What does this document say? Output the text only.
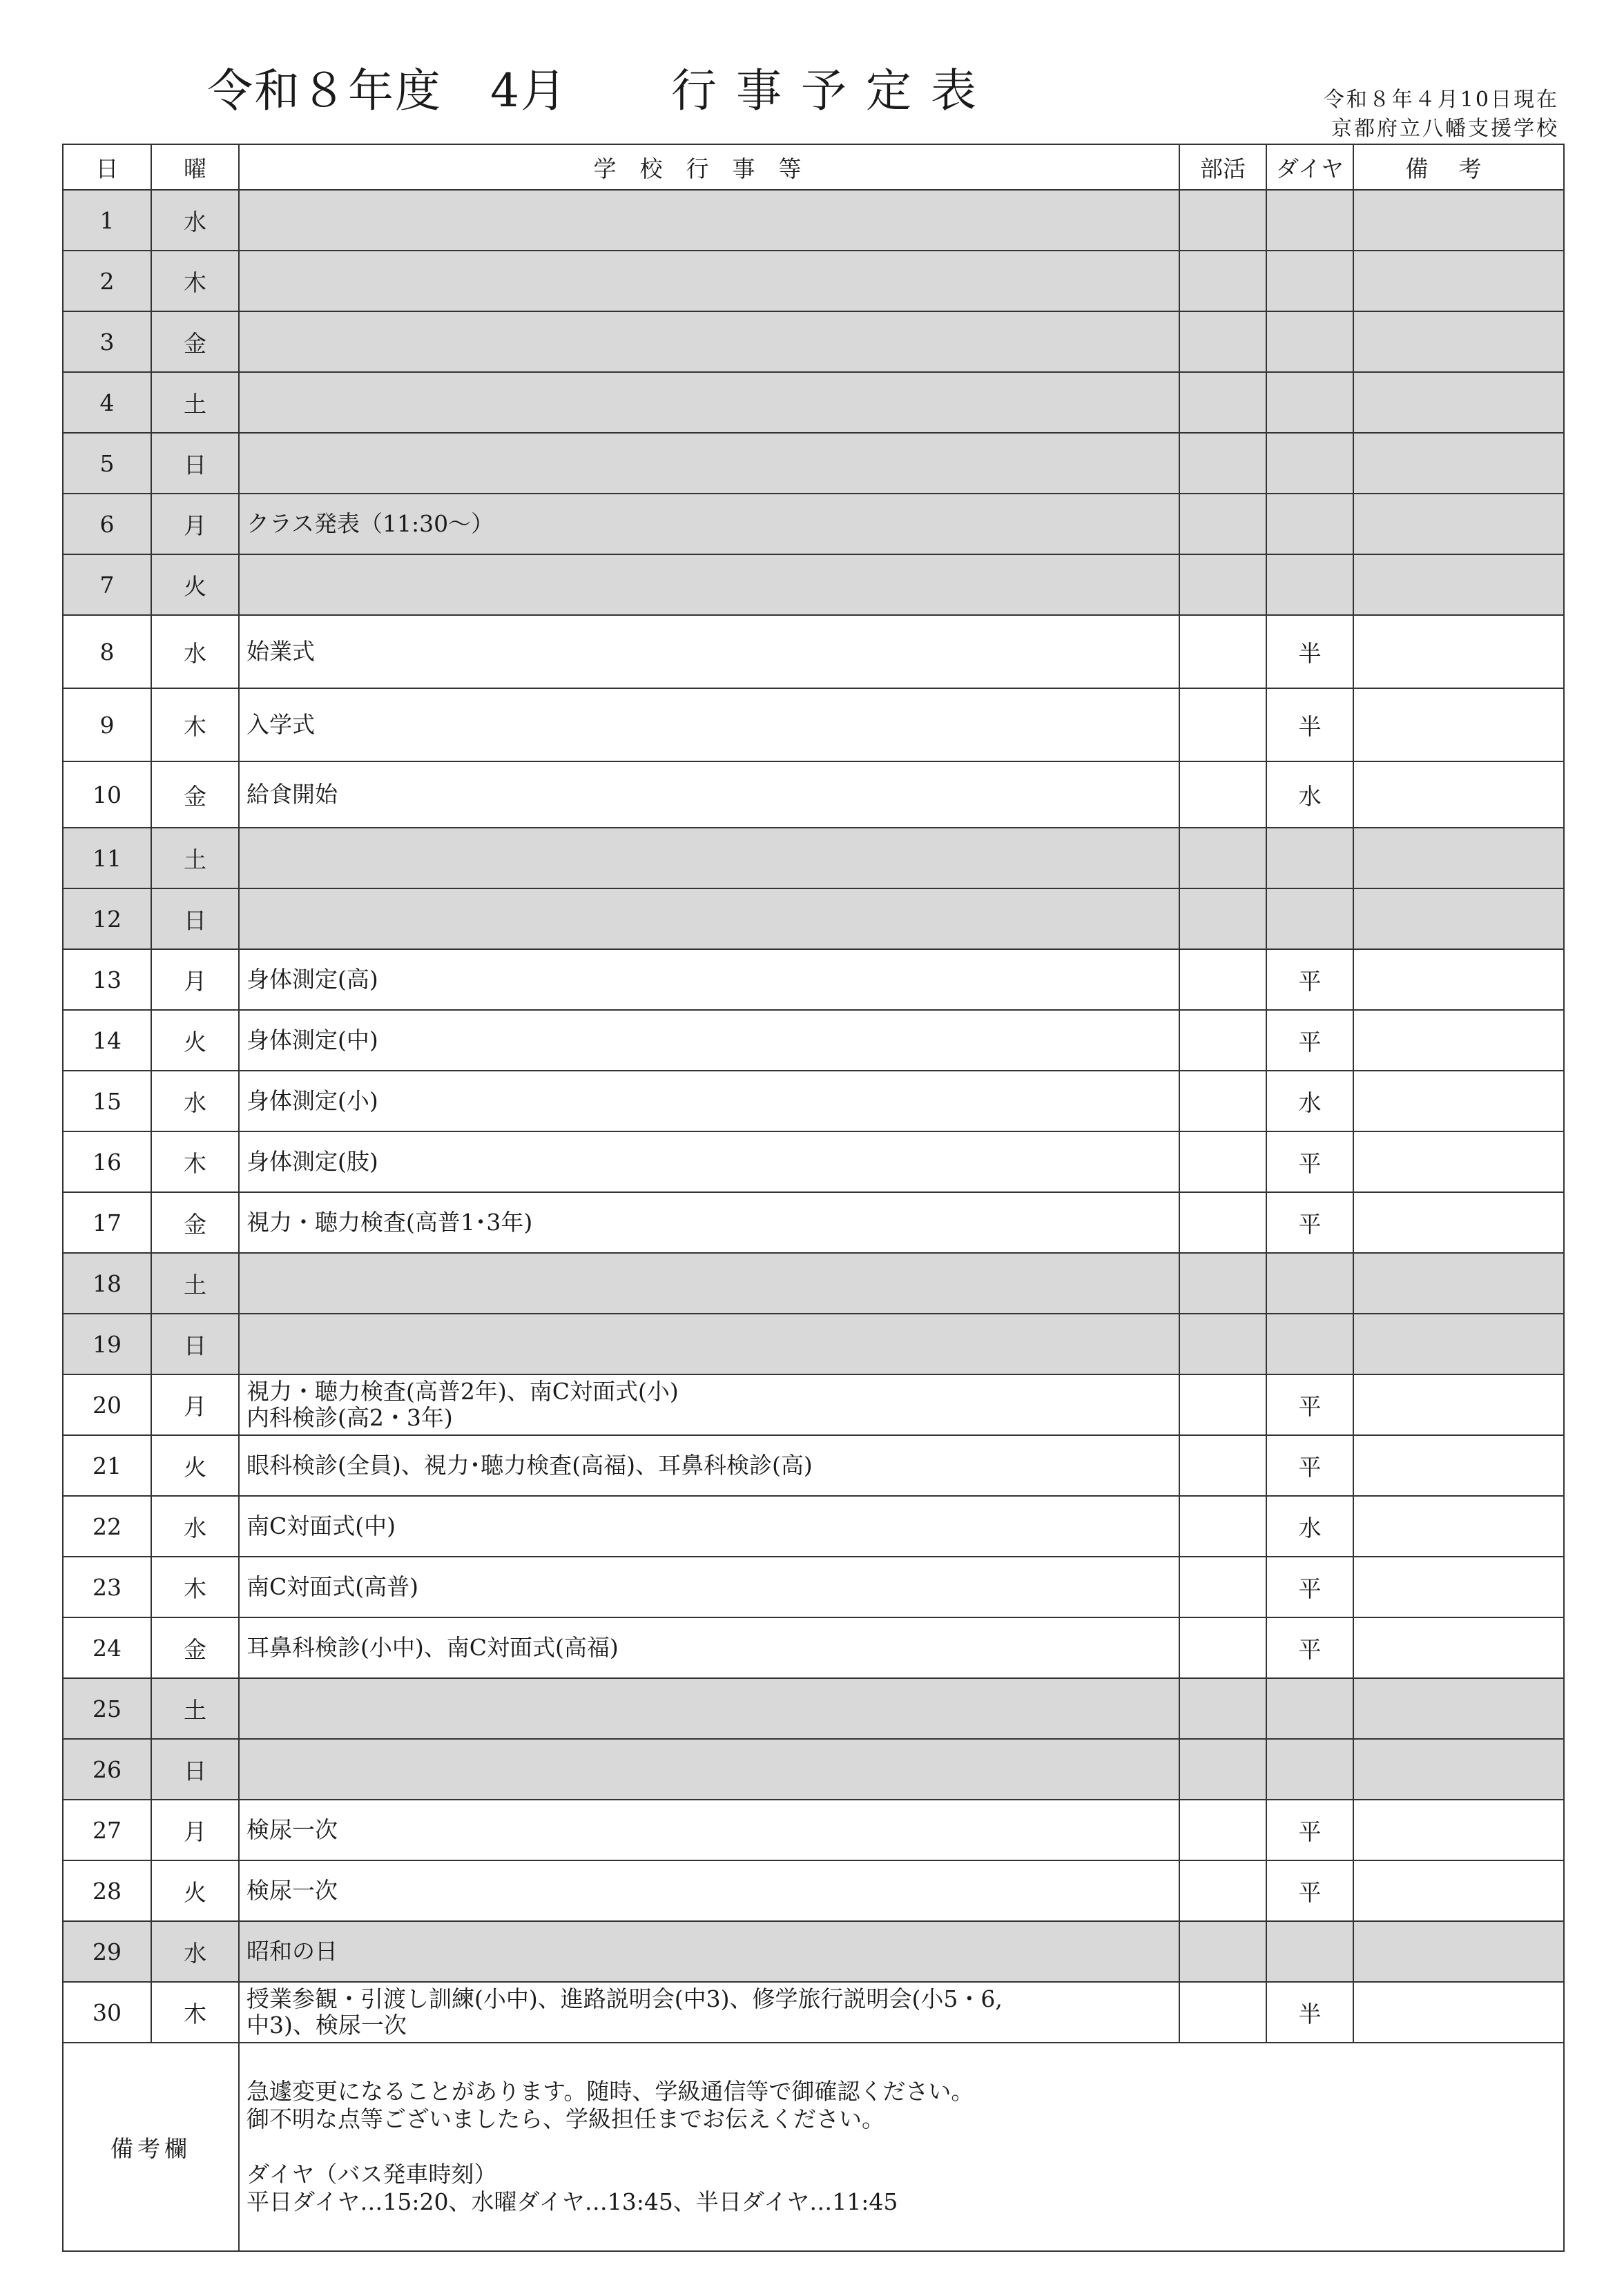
令和８年度 4月 行事予定表	令和８年４月10日現在
京都府立八幡支援学校
日	曜	学校行事等	部活	ダイヤ	備考
1	水				
2	木				
3	金				
4	土				
5	日				
6	月	クラス発表（11:30～）			

7	火				
8	水	始業式		半	
9	木	入学式		半	
10	金	給食開始		水	
11	土				
12	日				
13	月	身体測定(高)		平	
14	火	身体測定(中)		平	
15	水	身体測定(小)		水	
16	木	身体測定(肢)		平	
17	金	視力・聴力検査(高普1･3年)		平	
18	土				
19	日				
20	月	視力・聴力検査(高普2年)、南C対面式(小)
内科検診(高2・3年)		平	
21	火	眼科検診(全員)、視力･聴力検査(高福)、耳鼻科検診(高)		平	
22	水	南C対面式(中)		水	
23	木	南C対面式(高普)		平	
24	金	耳鼻科検診(小中)、南C対面式(高福)		平	
25	土				
26	日				
27	月	検尿一次		平	
28	火	検尿一次		平	
29	水	昭和の日			

30	木	授業参観・引渡し訓練(小中)、進路説明会(中3)、修学旅行説明会(小5・6,
中3)、検尿一次		半	
備考欄		急遽変更になることがあります。随時、学級通信等で御確認ください。
御不明な点等ございましたら、学級担任までお伝えください。
ダイヤ（バス発車時刻）
平日ダイヤ…15:20、水曜ダイヤ…13:45、半日ダイヤ…11:45			
